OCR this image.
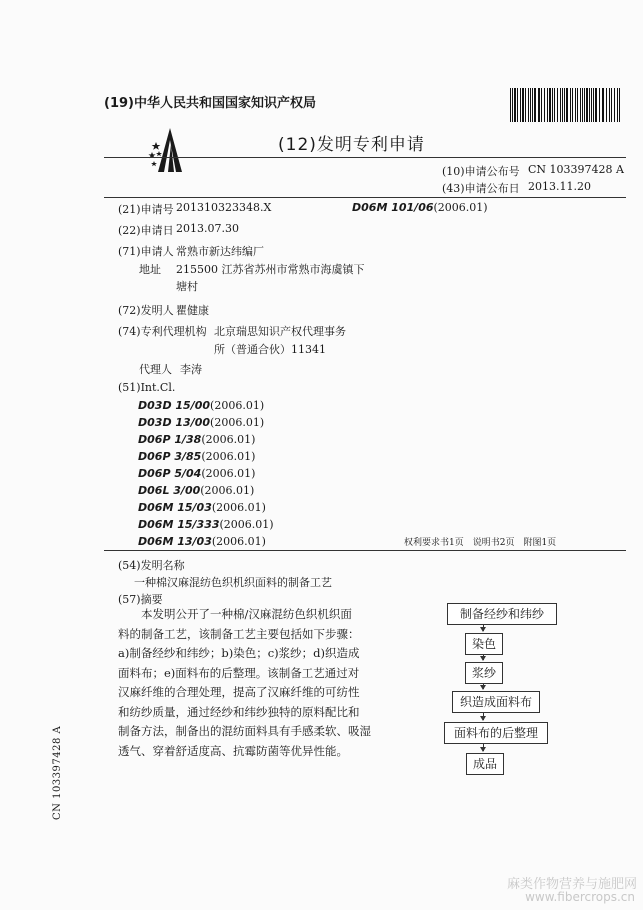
(19)中华人民共和国国家知识产权局
(12)发明专利申请
(10)申请公布号 CN 103397428 A
(43)申请公布日 2013.11.20
(21)申请号 201310323348.X	D06M 101/06(2006.01)
(22)申请日 2013.07.30
(71)申请人 常熟市新达纬编厂
地址 215500 江苏省苏州市常熟市海虞镇下
塘村
(72)发明人 瞿健康
(74)专利代理机构 北京瑞思知识产权代理事务
所（普通合伙）11341
代理人 李涛
(51)Int.Cl.
D03D 15/00(2006.01)
D03D 13/00(2006.01)
D06P 1/38(2006.01)
D06P 3/85(2006.01)
D06P 5/04(2006.01)
D06L 3/00(2006.01)
D06M 15/03(2006.01)
D06M 15/333(2006.01)
D06M 13/03(2006.01)	权利要求书1页　说明书2页　附图1页
(54)发明名称
一种棉汉麻混纺色织机织面料的制备工艺
(57)摘要
　　本发明公开了一种棉/汉麻混纺色织机织面
料的制备工艺，该制备工艺主要包括如下步骤：
a)制备经纱和纬纱；b)染色；c)浆纱；d)织造成
面料布；e)面料布的后整理。该制备工艺通过对
汉麻纤维的合理处理，提高了汉麻纤维的可纺性
和纺纱质量，通过经纱和纬纱独特的原料配比和
制备方法，制备出的混纺面料具有手感柔软、吸湿
透气、穿着舒适度高、抗霉防菌等优异性能。
制备经纱和纬纱
染色
浆纱
织造成面料布
面料布的后整理
成品
CN 103397428 A
麻类作物营养与施肥网
www.fibercrops.cn
